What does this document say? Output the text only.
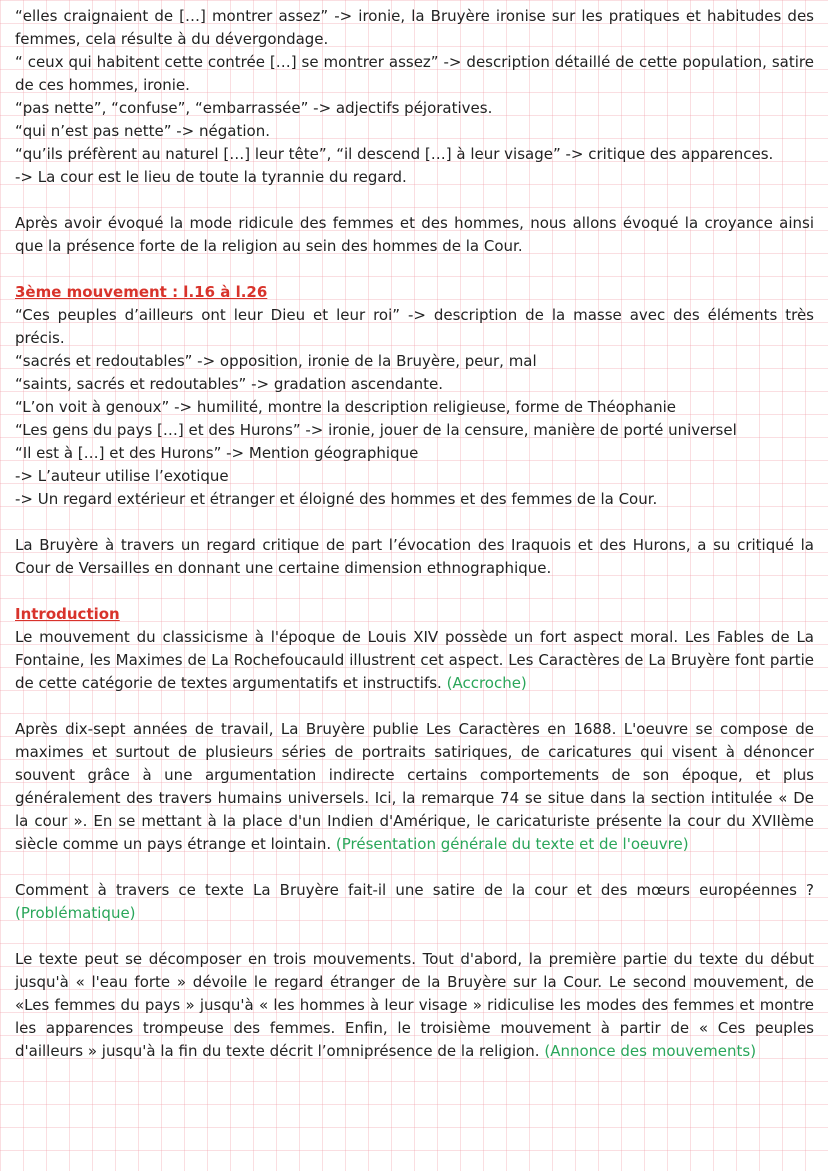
“elles craignaient de […] montrer assez” -> ironie, la Bruyère ironise sur les pratiques et habitudes des femmes, cela résulte à du dévergondage.

“ ceux qui habitent cette contrée […] se montrer assez” -> description détaillé de cette population, satire de ces hommes, ironie.

“pas nette”, “confuse”, “embarrassée” -> adjectifs péjoratives.

“qui n’est pas nette” -> négation.

“qu’ils préfèrent au naturel […] leur tête”, “il descend […] à leur visage” -> critique des apparences.

-> La cour est le lieu de toute la tyrannie du regard.

Après avoir évoqué la mode ridicule des femmes et des hommes, nous allons évoqué la croyance ainsi que la présence forte de la religion au sein des hommes de la Cour.

3ème mouvement : l.16 à l.26

“Ces peuples d’ailleurs ont leur Dieu et leur roi” -> description de la masse avec des éléments très précis.

“sacrés et redoutables” -> opposition, ironie de la Bruyère, peur, mal

“saints, sacrés et redoutables” -> gradation ascendante.

“L’on voit à genoux” -> humilité, montre la description religieuse, forme de Théophanie

“Les gens du pays […] et des Hurons” -> ironie, jouer de la censure, manière de porté universel

“Il est à […] et des Hurons” -> Mention géographique

-> L’auteur utilise l’exotique

-> Un regard extérieur et étranger et éloigné des hommes et des femmes de la Cour.

La Bruyère à travers un regard critique de part l’évocation des Iraquois et des Hurons, a su critiqué la Cour de Versailles en donnant une certaine dimension ethnographique.

Introduction

Le mouvement du classicisme à l'époque de Louis XIV possède un fort aspect moral. Les Fables de La Fontaine, les Maximes de La Rochefoucauld illustrent cet aspect. Les Caractères de La Bruyère font partie de cette catégorie de textes argumentatifs et instructifs. (Accroche)

Après dix-sept années de travail, La Bruyère publie Les Caractères en 1688. L'oeuvre se compose de maximes et surtout de plusieurs séries de portraits satiriques, de caricatures qui visent à dénoncer souvent grâce à une argumentation indirecte certains comportements de son époque, et plus généralement des travers humains universels. Ici, la remarque 74 se situe dans la section intitulée « De la cour ». En se mettant à la place d'un Indien d'Amérique, le caricaturiste présente la cour du XVIIème siècle comme un pays étrange et lointain. (Présentation générale du texte et de l'oeuvre)

Comment à travers ce texte La Bruyère fait-il une satire de la cour et des mœurs européennes ? (Problématique)

Le texte peut se décomposer en trois mouvements. Tout d'abord, la première partie du texte du début jusqu'à « l'eau forte » dévoile le regard étranger de la Bruyère sur la Cour. Le second mouvement, de «Les femmes du pays » jusqu'à « les hommes à leur visage » ridiculise les modes des femmes et montre les apparences trompeuse des femmes. Enfin, le troisième mouvement à partir de « Ces peuples d'ailleurs » jusqu'à la fin du texte décrit l’omniprésence de la religion. (Annonce des mouvements)
